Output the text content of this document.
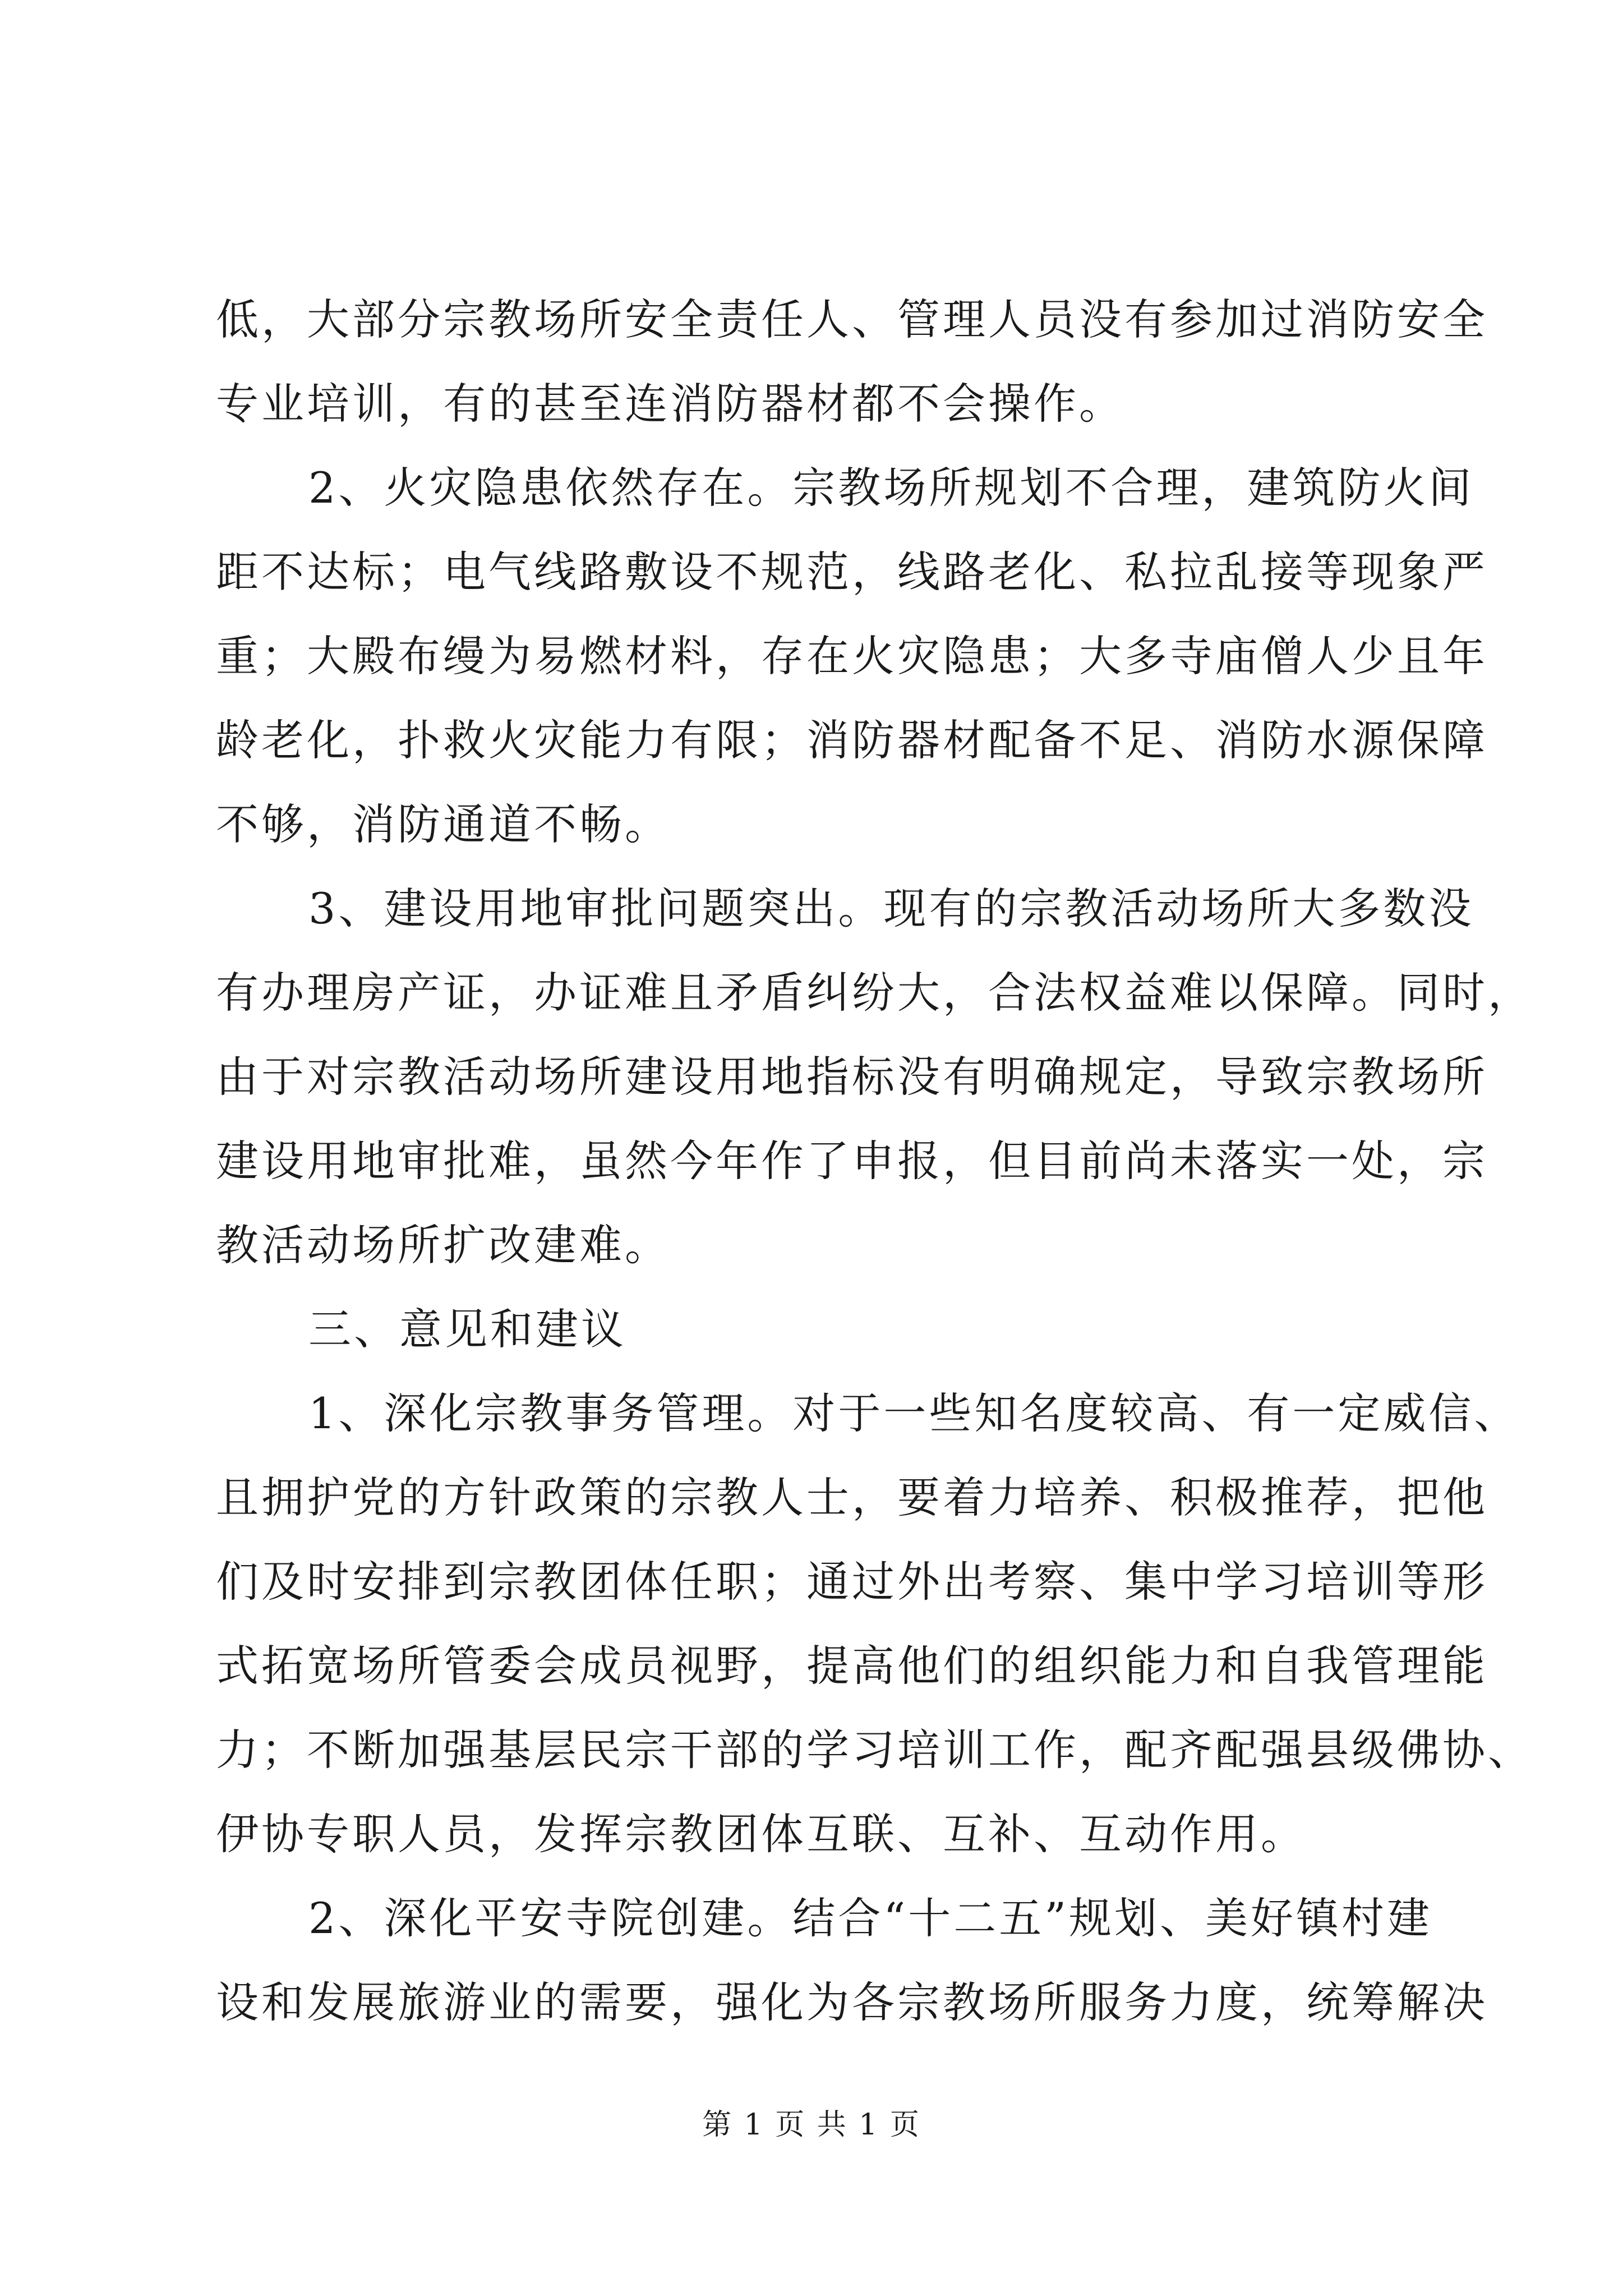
低，大部分宗教场所安全责任人、管理人员没有参加过消防安全
专业培训，有的甚至连消防器材都不会操作。
2、火灾隐患依然存在。宗教场所规划不合理，建筑防火间
距不达标；电气线路敷设不规范，线路老化、私拉乱接等现象严
重；大殿布缦为易燃材料，存在火灾隐患；大多寺庙僧人少且年
龄老化，扑救火灾能力有限；消防器材配备不足、消防水源保障
不够，消防通道不畅。
3、建设用地审批问题突出。现有的宗教活动场所大多数没
有办理房产证，办证难且矛盾纠纷大，合法权益难以保障。同时，
由于对宗教活动场所建设用地指标没有明确规定，导致宗教场所
建设用地审批难，虽然今年作了申报，但目前尚未落实一处，宗
教活动场所扩改建难。
三、意见和建议
1、深化宗教事务管理。对于一些知名度较高、有一定威信、
且拥护党的方针政策的宗教人士，要着力培养、积极推荐，把他
们及时安排到宗教团体任职；通过外出考察、集中学习培训等形
式拓宽场所管委会成员视野，提高他们的组织能力和自我管理能
力；不断加强基层民宗干部的学习培训工作，配齐配强县级佛协、
伊协专职人员，发挥宗教团体互联、互补、互动作用。
2、深化平安寺院创建。结合“十二五”规划、美好镇村建
设和发展旅游业的需要，强化为各宗教场所服务力度，统筹解决
第 1 页 共 1 页
